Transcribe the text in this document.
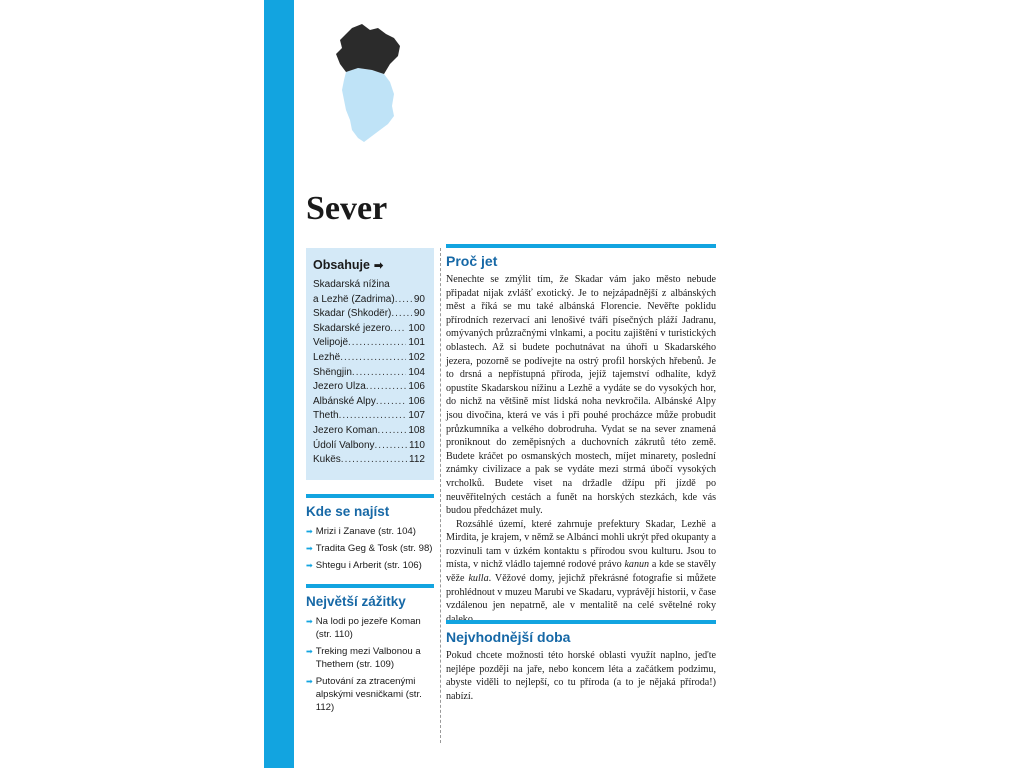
Sever
Obsahuje ➡
Skadarská nížina
a Lezhë (Zadrima) ..... 90
Skadar (Shkodër) ..... 90
Skadarské jezero ..... 100
Velipojë .....	101
Lezhë .....	102
Shëngjin .....	104
Jezero Ulza .....	106
Albánské Alpy .....	106
Theth .....	107
Jezero Koman .....	108
Údolí Valbony .....	110
Kukës .....	112
Kde se najíst
➡ Mrizi i Zanave (str. 104)
➡ Tradita Geg & Tosk (str. 98)
➡ Shtegu i Arberit (str. 106)
Největší zážitky
➡ Na lodi po jezeře Koman (str. 110)
➡ Treking mezi Valbonou a Thethem (str. 109)
➡ Putování za ztracenými alpskými vesničkami (str. 112)
Proč jet

Nenechte se zmýlit tím, že Skadar vám jako město nebude připadat nijak zvlášť exotický. Je to nejzápadnější z albánských měst a říká se mu také albánská Florencie. Nevěřte poklidu přírodních rezervací ani lenošivé tváři písečných pláží Jadranu, omývaných průzračnými vlnkami, a pocitu zajištění v turistických oblastech. Až si budete pochutnávat na úhoři u Skadarského jezera, pozorně se podívejte na ostrý profil horských hřebenů. Je to drsná a nepřístupná příroda, jejíž tajemství odhalíte, když opustíte Skadarskou nížinu a Lezhë a vydáte se do vysokých hor, do nichž na většině míst lidská noha nevkročila. Albánské Alpy jsou divočina, která ve vás i při pouhé procházce může probudit průzkumníka a velkého dobrodruha. Vydat se na sever znamená proniknout do zeměpisných a duchovních zákrutů této země. Budete kráčet po osmanských mostech, míjet minarety, poslední známky civilizace a pak se vydáte mezi strmá úbočí vysokých vrcholků. Budete viset na držadle džípu při jízdě po neuvěřitelných cestách a funět na horských stezkách, kde vás budou předcházet muly.

Rozsáhlé území, které zahrnuje prefektury Skadar, Lezhë a Mirdita, je krajem, v němž se Albánci mohli ukrýt před okupanty a rozvinuli tam v úzkém kontaktu s přírodou svou kulturu. Jsou to místa, v nichž vládlo tajemné rodové právo kanun a kde se stavěly věže kulla. Věžové domy, jejichž překrásné fotografie si můžete prohlédnout v muzeu Marubi ve Skadaru, vyprávějí historii, v čase vzdálenou jen nepatrně, ale v mentalitě na celé světelné roky

Nejvhodnější doba

Pokud chcete možnosti této horské oblasti využít naplno, jeďte nejlépe později na jaře, nebo koncem léta a začátkem podzimu, abyste viděli to nejlepší, co tu příroda (a to je nějaká příroda!) nabízí.
